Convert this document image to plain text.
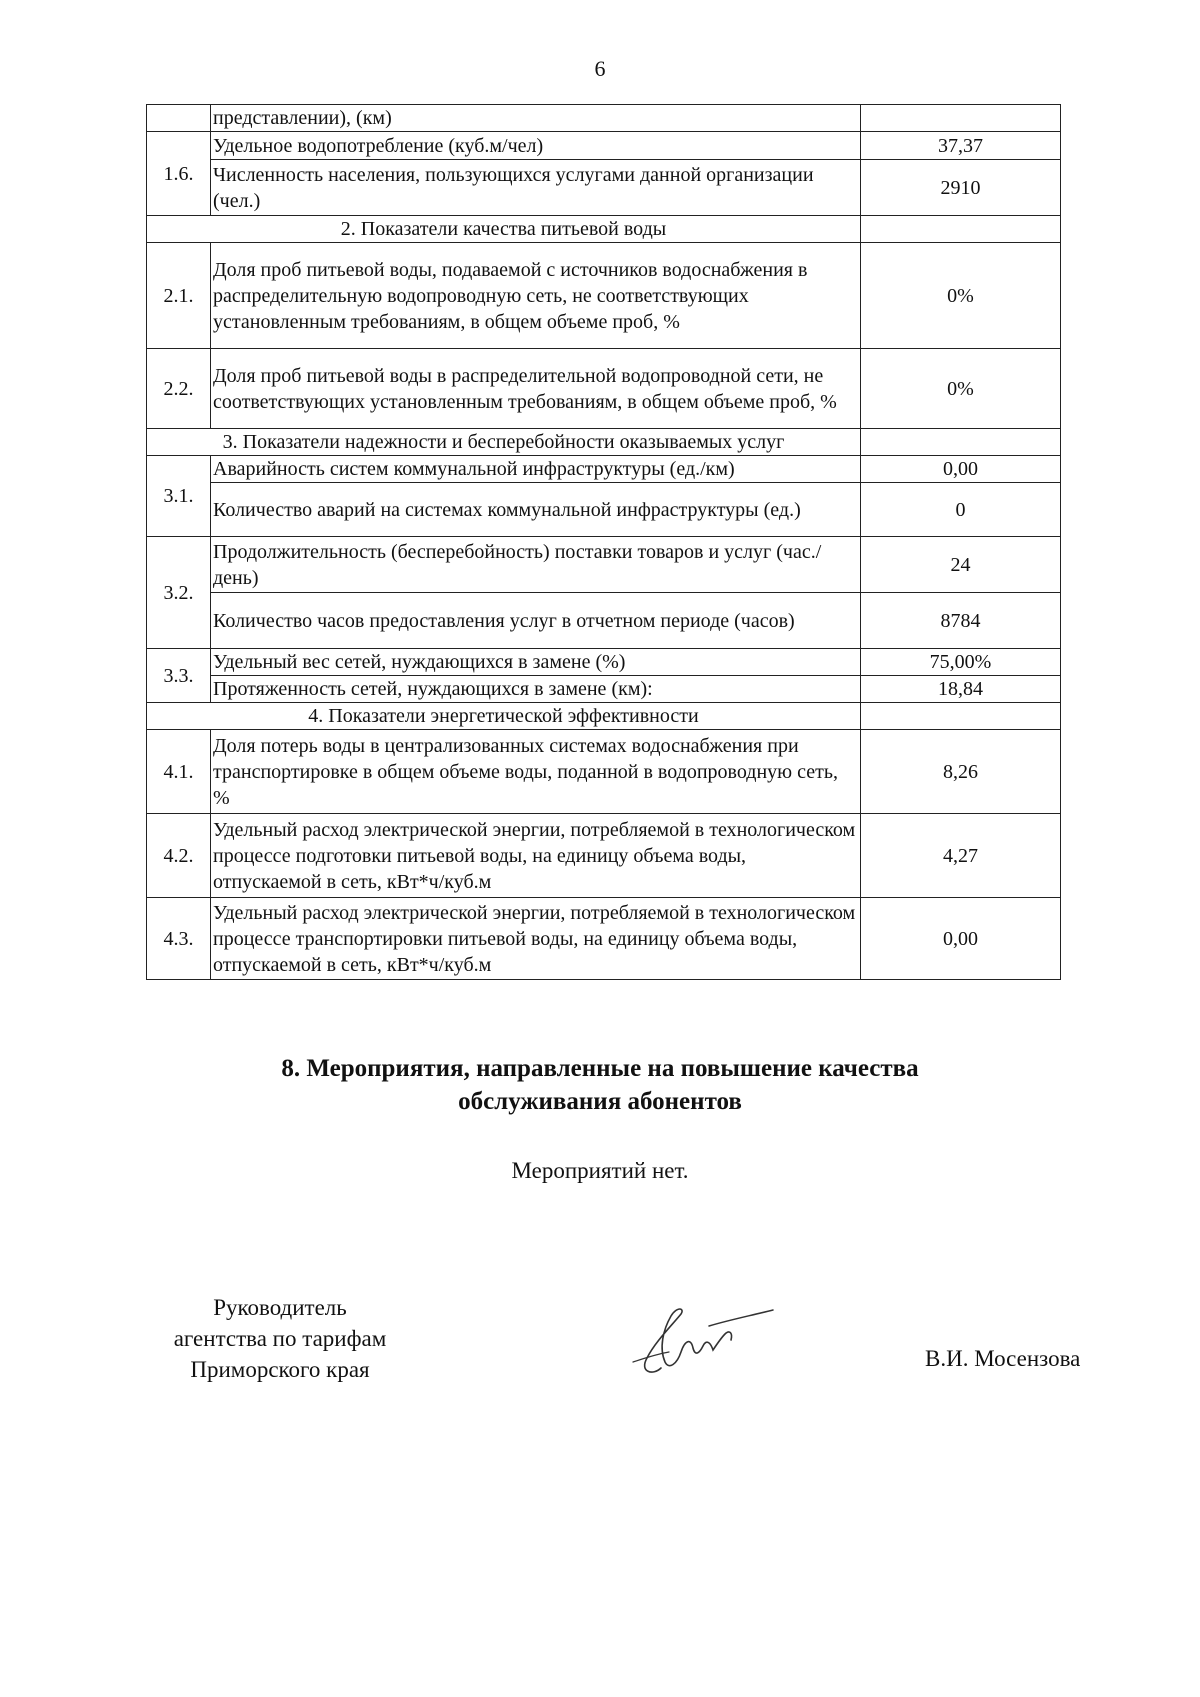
6
	представлении), (км)	
1.6.	Удельное водопотребление (куб.м/чел)	37,37
	Численность населения, пользующихся услугами данной организации (чел.)	2910
2. Показатели качества питьевой воды		
2.1.	Доля проб питьевой воды, подаваемой с источников водоснабжения в распределительную водопроводную сеть, не соответствующих установленным требованиям, в общем объеме проб, %	0%
2.2.	Доля проб питьевой воды в распределительной водопроводной сети, не соответствующих установленным требованиям, в общем объеме проб, %	0%
3. Показатели надежности и бесперебойности оказываемых услуг		
3.1.	Аварийность систем коммунальной инфраструктуры (ед./км)	0,00
	Количество аварий на системах коммунальной инфраструктуры (ед.)	0
3.2.	Продолжительность (бесперебойность) поставки товаров и услуг (час./день)	24
	Количество часов предоставления услуг в отчетном периоде (часов)	8784
3.3.	Удельный вес сетей, нуждающихся в замене (%)	75,00%
	Протяженность сетей, нуждающихся в замене (км):	18,84
4. Показатели энергетической эффективности		
4.1.	Доля потерь воды в централизованных системах водоснабжения при транспортировке в общем объеме воды, поданной в водопроводную сеть, %	8,26
4.2.	Удельный расход электрической энергии, потребляемой в технологическом процессе подготовки питьевой воды, на единицу объема воды, отпускаемой в сеть, кВт*ч/куб.м	4,27
4.3.	Удельный расход электрической энергии, потребляемой в технологическом процессе транспортировки питьевой воды, на единицу объема воды, отпускаемой в сеть, кВт*ч/куб.м	0,00
8. Мероприятия, направленные на повышение качества
обслуживания абонентов
Мероприятий нет.
Руководитель
агентства по тарифам
Приморского края	В.И. Мосензова
